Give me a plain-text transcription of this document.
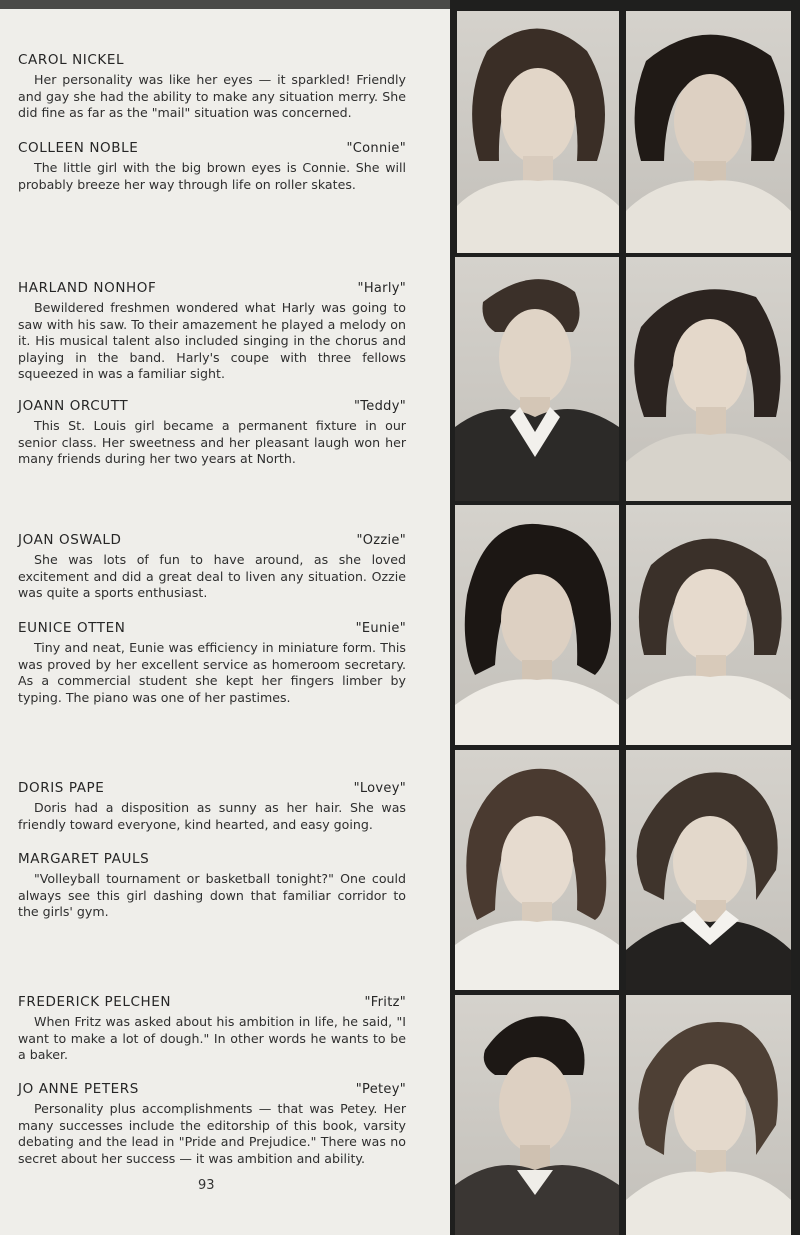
CAROL NICKEL

Her personality was like her eyes — it sparkled! Friendly and gay she had the ability to make any situation merry. She did fine as far as the "mail" situation was concerned.

COLLEEN NOBLE	"Connie"

The little girl with the big brown eyes is Connie. She will probably breeze her way through life on roller skates.

HARLAND NONHOF	"Harly"

Bewildered freshmen wondered what Harly was going to saw with his saw. To their amazement he played a melody on it. His musical talent also included singing in the chorus and playing in the band. Harly's coupe with three fellows squeezed in was a familiar sight.

JOANN ORCUTT	"Teddy"

This St. Louis girl became a permanent fixture in our senior class. Her sweetness and her pleasant laugh won her many friends during her two years at North.

JOAN OSWALD	"Ozzie"

She was lots of fun to have around, as she loved excitement and did a great deal to liven any situation. Ozzie was quite a sports enthusiast.

EUNICE OTTEN	"Eunie"

Tiny and neat, Eunie was efficiency in miniature form. This was proved by her excellent service as homeroom secretary. As a commercial student she kept her fingers limber by typing. The piano was one of her pastimes.

DORIS PAPE	"Lovey"

Doris had a disposition as sunny as her hair. She was friendly toward everyone, kind hearted, and easy going.

MARGARET PAULS

"Volleyball tournament or basketball tonight?" One could always see this girl dashing down that familiar corridor to the girls' gym.

FREDERICK PELCHEN	"Fritz"

When Fritz was asked about his ambition in life, he said, "I want to make a lot of dough." In other words he wants to be a baker.

JO ANNE PETERS	"Petey"

Personality plus accomplishments — that was Petey. Her many successes include the editorship of this book, varsity debating and the lead in "Pride and Prejudice." There was no secret about her success — it was ambition and ability.

93
